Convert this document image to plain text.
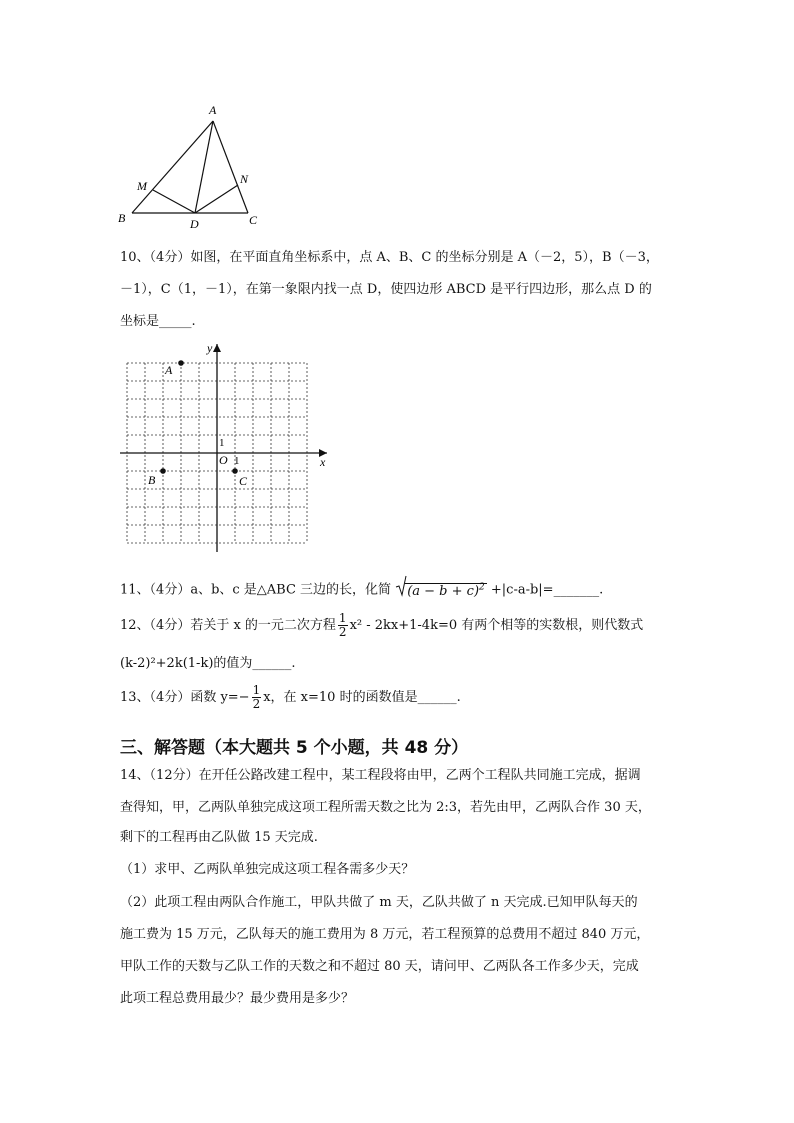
A
B	C
D
M	N
10、（4分）如图，在平面直角坐标系中，点 A、B、C 的坐标分别是 A（－2，5），B（－3，
－1），C（1，－1），在第一象限内找一点 D，使四边形 ABCD 是平行四边形，那么点 D 的
坐标是_____.
x
y
O 1
1
A
B	C
11、（4分）a、b、c 是△ABC 三边的长，化简 $(a - b + c)^2$ +|c-a-b|=_______.
12、（4分）若关于 x 的一元二次方程 $\frac{1}{2} x^2 - 2kx+1-4k=0$ 有两个相等的实数根，则代数式
(k-2)²+2k(1-k)的值为______.
13、（4分）函数 $y=- \frac{1}{2}$ x，在 x=10 时的函数值是______.
三、解答题（本大题共 5 个小题，共 48 分）
14、（12分）在开任公路改建工程中，某工程段将由甲，乙两个工程队共同施工完成，据调
查得知，甲，乙两队单独完成这项工程所需天数之比为 2:3，若先由甲，乙两队合作 30 天，
剩下的工程再由乙队做 15 天完成.
（1）求甲、乙两队单独完成这项工程各需多少天？
（2）此项工程由两队合作施工，甲队共做了 m 天，乙队共做了 n 天完成.已知甲队每天的
施工费为 15 万元，乙队每天的施工费用为 8 万元，若工程预算的总费用不超过 840 万元，
甲队工作的天数与乙队工作的天数之和不超过 80 天，请问甲、乙两队各工作多少天，完成
此项工程总费用最少？最少费用是多少？
